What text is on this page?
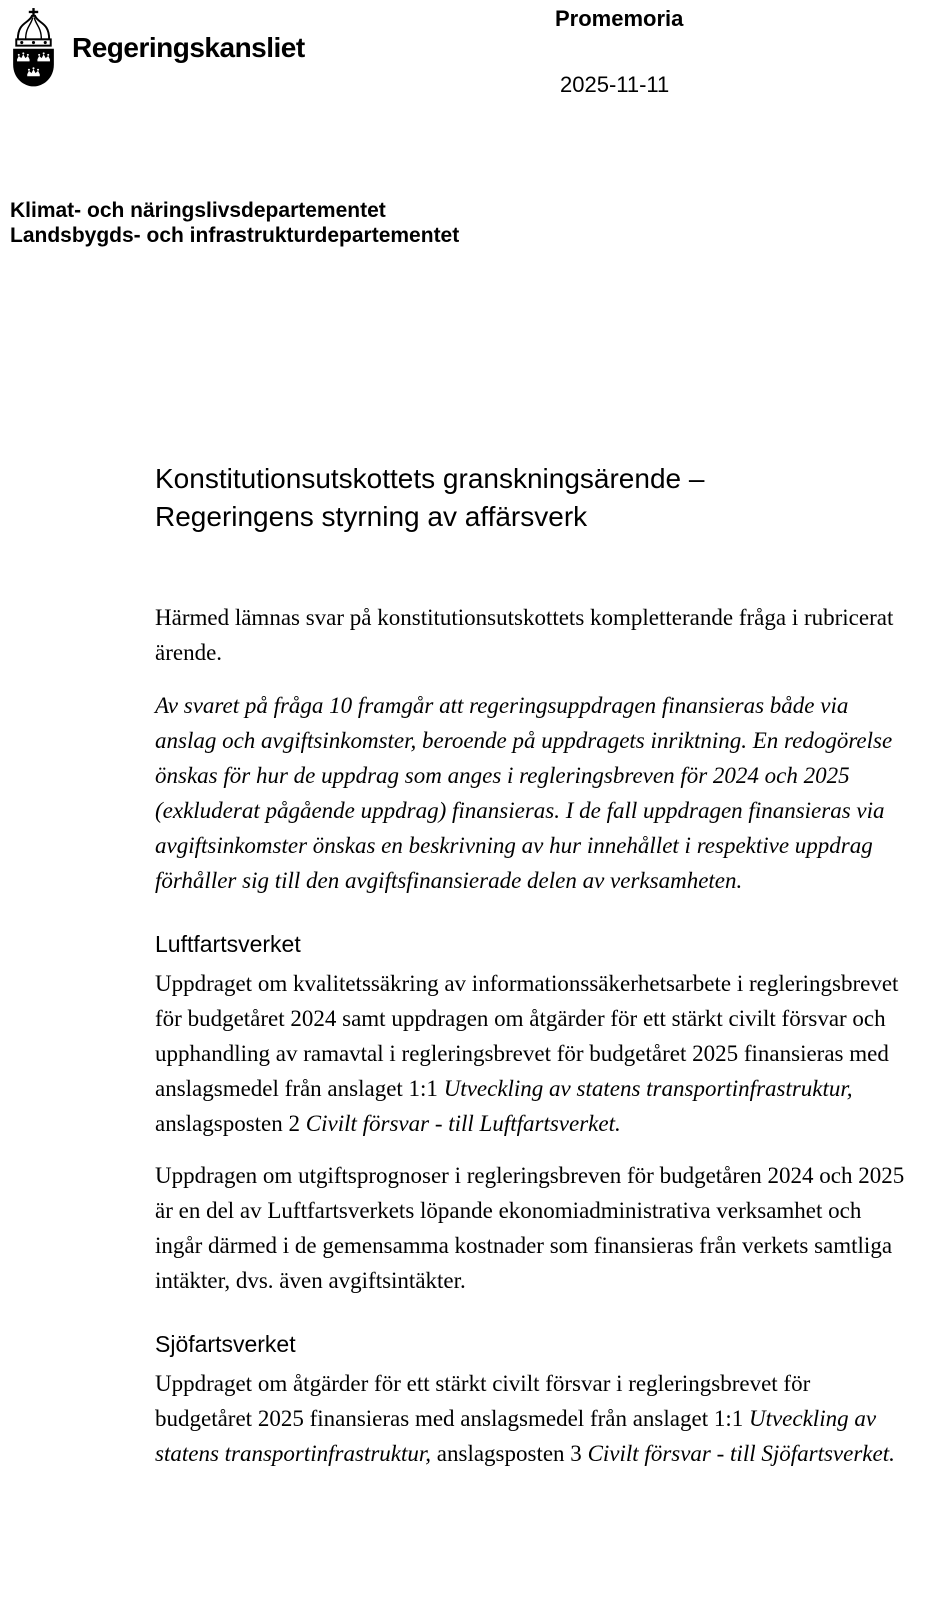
Regeringskansliet
Promemoria
2025-11-11
Klimat- och näringslivsdepartementet
Landsbygds- och infrastrukturdepartementet
Konstitutionsutskottets granskningsärende –
Regeringens styrning av affärsverk

Härmed lämnas svar på konstitutionsutskottets kompletterande fråga i rubricerat ärende.

Av svaret på fråga 10 framgår att regeringsuppdragen finansieras både via anslag och avgiftsinkomster, beroende på uppdragets inriktning. En redogörelse önskas för hur de uppdrag som anges i regleringsbreven för 2024 och 2025 (exkluderat pågående uppdrag) finansieras. I de fall uppdragen finansieras via avgiftsinkomster önskas en beskrivning av hur innehållet i respektive uppdrag förhåller sig till den avgiftsfinansierade delen av verksamheten.

Luftfartsverket

Uppdraget om kvalitetssäkring av informationssäkerhetsarbete i regleringsbrevet för budgetåret 2024 samt uppdragen om åtgärder för ett stärkt civilt försvar och upphandling av ramavtal i regleringsbrevet för budgetåret 2025 finansieras med anslagsmedel från anslaget 1:1 Utveckling av statens transportinfrastruktur, anslagsposten 2 Civilt försvar - till Luftfartsverket.

Uppdragen om utgiftsprognoser i regleringsbreven för budgetåren 2024 och 2025 är en del av Luftfartsverkets löpande ekonomiadministrativa verksamhet och ingår därmed i de gemensamma kostnader som finansieras från verkets samtliga intäkter, dvs. även avgiftsintäkter.

Sjöfartsverket

Uppdraget om åtgärder för ett stärkt civilt försvar i regleringsbrevet för budgetåret 2025 finansieras med anslagsmedel från anslaget 1:1 Utveckling av statens transportinfrastruktur, anslagsposten 3 Civilt försvar - till Sjöfartsverket.
